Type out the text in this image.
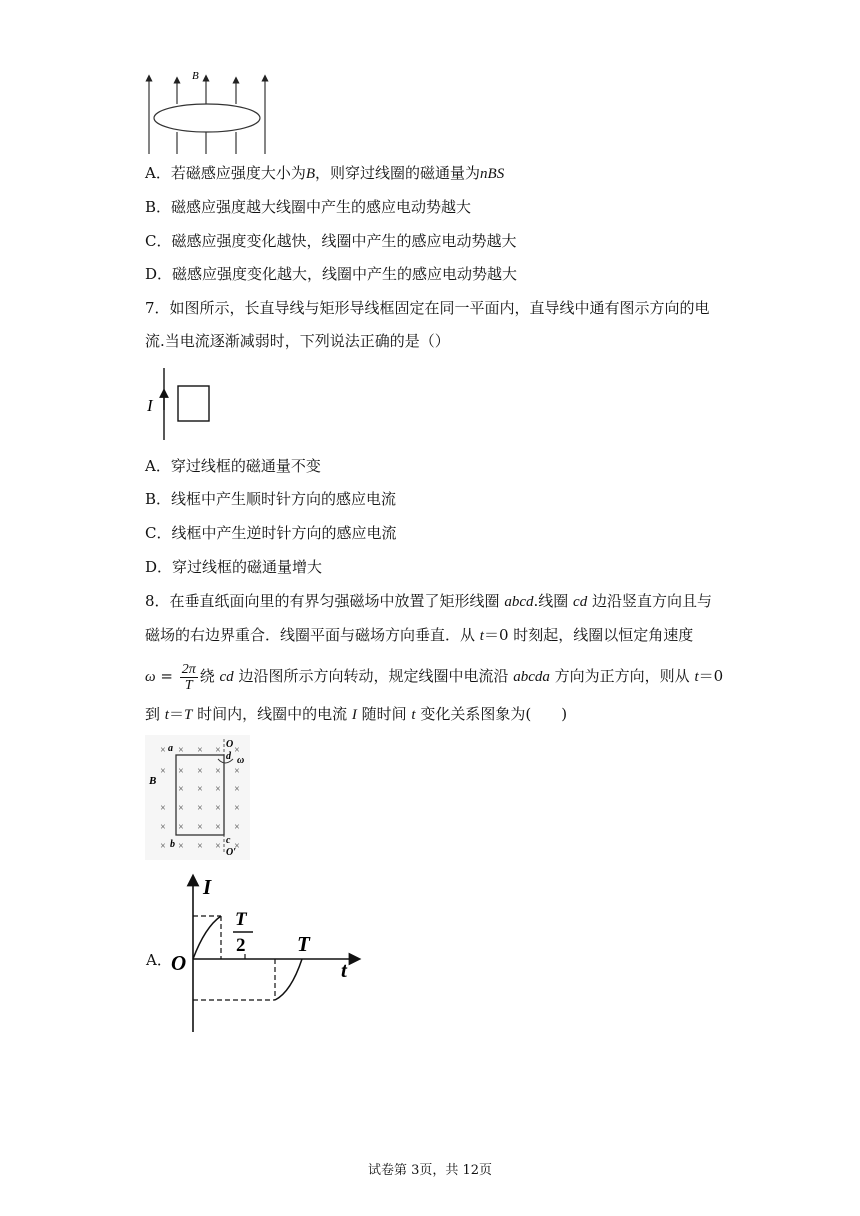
B
A．若磁感应强度大小为B，则穿过线圈的磁通量为nBS
B．磁感应强度越大线圈中产生的感应电动势越大
C．磁感应强度变化越快，线圈中产生的感应电动势越大
D．磁感应强度变化越大，线圈中产生的感应电动势越大
7．如图所示，长直导线与矩形导线框固定在同一平面内，直导线中通有图示方向的电
流.当电流逐渐减弱时，下列说法正确的是（）
I
A．穿过线框的磁通量不变
B．线框中产生顺时针方向的感应电流
C．线框中产生逆时针方向的感应电流
D．穿过线框的磁通量增大
8．在垂直纸面向里的有界匀强磁场中放置了矩形线圈 abcd.线圈 cd 边沿竖直方向且与
磁场的右边界重合．线圈平面与磁场方向垂直．从 t＝0 时刻起，线圈以恒定角速度
$\omega = \frac{2\pi}{T}$ 绕 cd 边沿图所示方向转动，规定线圈中电流沿 abcda 方向为正方向，则从 t＝0
到 t＝T 时间内，线圈中的电流 I 随时间 t 变化关系图象为(　　)
× × × × ×
× × × × ×
× × × ×
× × × × ×
× × × × ×
× × × × ×
a
b	c
d
O
O′
B
ω
A． O
I
t
T
2 T
试卷第 3页，共 12页
